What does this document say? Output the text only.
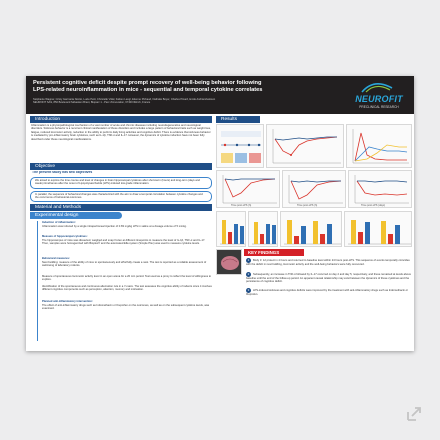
Persistent cognitive deficit despite prompt recovery of well-being behavior following
LPS-related neuroinflammation in mice - sequential and temporal cytokine correlates
Stéphanie Wagner, Cristy Garrnaria Nocito, Lucie Petit, Christelle Vidal, Fabien Langl, Etienne Pichaud, Nathalie Boyer, Charles Pinard, Emile Andriambeloson
NEUROFIT SAS, 850 Boulevard Sébastien Brant, Bioparc 1 - Parc d'innovation, 67400 Illkirch, France	NEUROFIT
PRECLINICAL RESEARCH
Introduction
Inflammation is a physiopathological mechanism of a vast number of acute and chronic diseases including neurodegenerative and neurological disorders. Sickness behavior is a recurrent clinical manifestation of these disorders and includes a large pattern of behavioral traits such as weight loss, fatigue, reduced locomotor activity, reduction in the ability to perform daily living activities and cognitive deficit. There is evidence that sickness behavior is mediated by pro-inflammatory brain cytokines, such as IL-1β, TNF-α and IL-17. However, the dynamics of cytokine induction have not been fully described under these neurological manifestations.
Objective
The present study has two objectives
We aimed to explore the time course and level of changes in brain hippocampal cytokines after short-term (hours) and long-term (days and weeks) timeframes after the onset of Lipopolysaccharide (LPS)-induced low grade inflammation.
In parallel, the sequence of behavioral changes was characterized with the aim to draw a temporal correlation between cytokine changes and the occurrence of behavioral outcomes.
Material and Methods
Experimental design
Induction of inflammation:
Inflammation was induced by a single intraperitoneal injection of 0.83 mg/kg LPS in saline at a dosage volume of 5 mL/kg.
Measure of hippocampal cytokines:
The hippocampus of mice was dissected, weighed and snap frozen at different timepoints to measure the level of IL-1β, TNF-α and IL-17. Then, samples were homogenized with Bioplex® and the automated Ella system (Simple Plex) was used to measure cytokine levels.
Behavioral measures:
Nest building: measure of the ability of mice to spontaneously and effortfully create a nest. The test is reported as a reliable assessment of well-being of laboratory rodents.
Measure of spontaneous locomotor activity level in an open arena for a 20 min period. Test used as a proxy to reflect the level of willingness to explore.
Identification of the spontaneous and continuous alternation rule in a Y-maze. The test assesses the cognitive ability of rodents since it involves different cognitive components such as perception, attention, memory and motivation.
Planned anti-inflammatory intervention:
The effect of anti-inflammatory drugs such as Indomethacin or Ibuprofen on the outcomes, as well as on the subsequent cytokine levels, was examined.
Results
Time post-LPS (h)	Time post-LPS (h)	Time post-LPS (days)
KEY FINDINGS
1 Body 3: 12 protect in 4 hours and returned to baseline level within 24 hours post-LPS. This sequence of events temporally coincides with the deficit in nest building, locomotor activity and the well-being behaviors were fully recovered.
2 Subsequently, an increase in TNF-α followed by IL-17 occurred on day 2 and day 5, respectively, and these remained at levels above baseline until the end of the follow-up period. An apparent causal relationship may exist between the dynamics of these cytokines and the persistence of cognitive deficit.
3 LPS-induced sickness and cognitive deficits were improved by the treatment with anti-inflammatory drugs such as Indomethacin or Ibuprofen.
